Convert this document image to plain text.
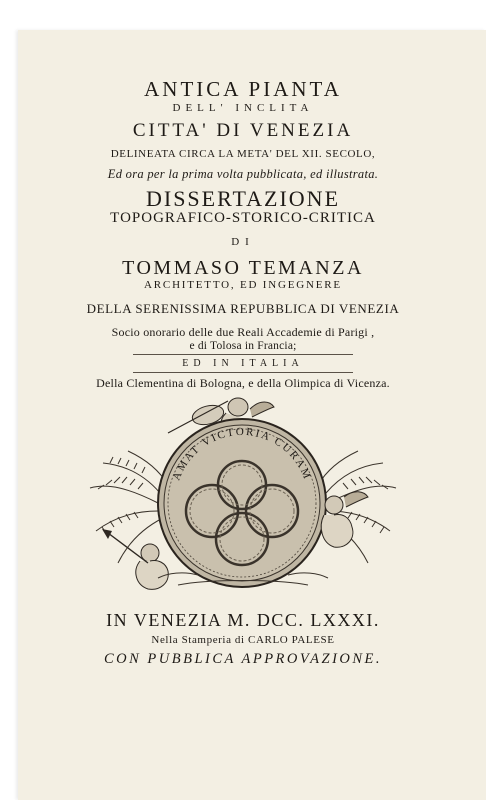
ANTICA PIANTA
DELL' INCLITA
CITTA' DI VENEZIA
DELINEATA CIRCA LA META' DEL XII. SECOLO,
Ed ora per la prima volta pubblicata, ed illustrata.
DISSERTAZIONE
TOPOGRAFICO-STORICO-CRITICA
DI
TOMMASO TEMANZA
ARCHITETTO, ED INGEGNERE
DELLA SERENISSIMA REPUBBLICA DI VENEZIA
Socio onorario delle due Reali Accademie di Parigi ,
e di Tolosa in Francia;
ED IN ITALIA
Della Clementina di Bologna, e della Olimpica di Vicenza.
AMAT VICTORIA CURAM
IN VENEZIA M. DCC. LXXXI.
Nella Stamperia di CARLO PALESE
CON PUBBLICA APPROVAZIONE.
